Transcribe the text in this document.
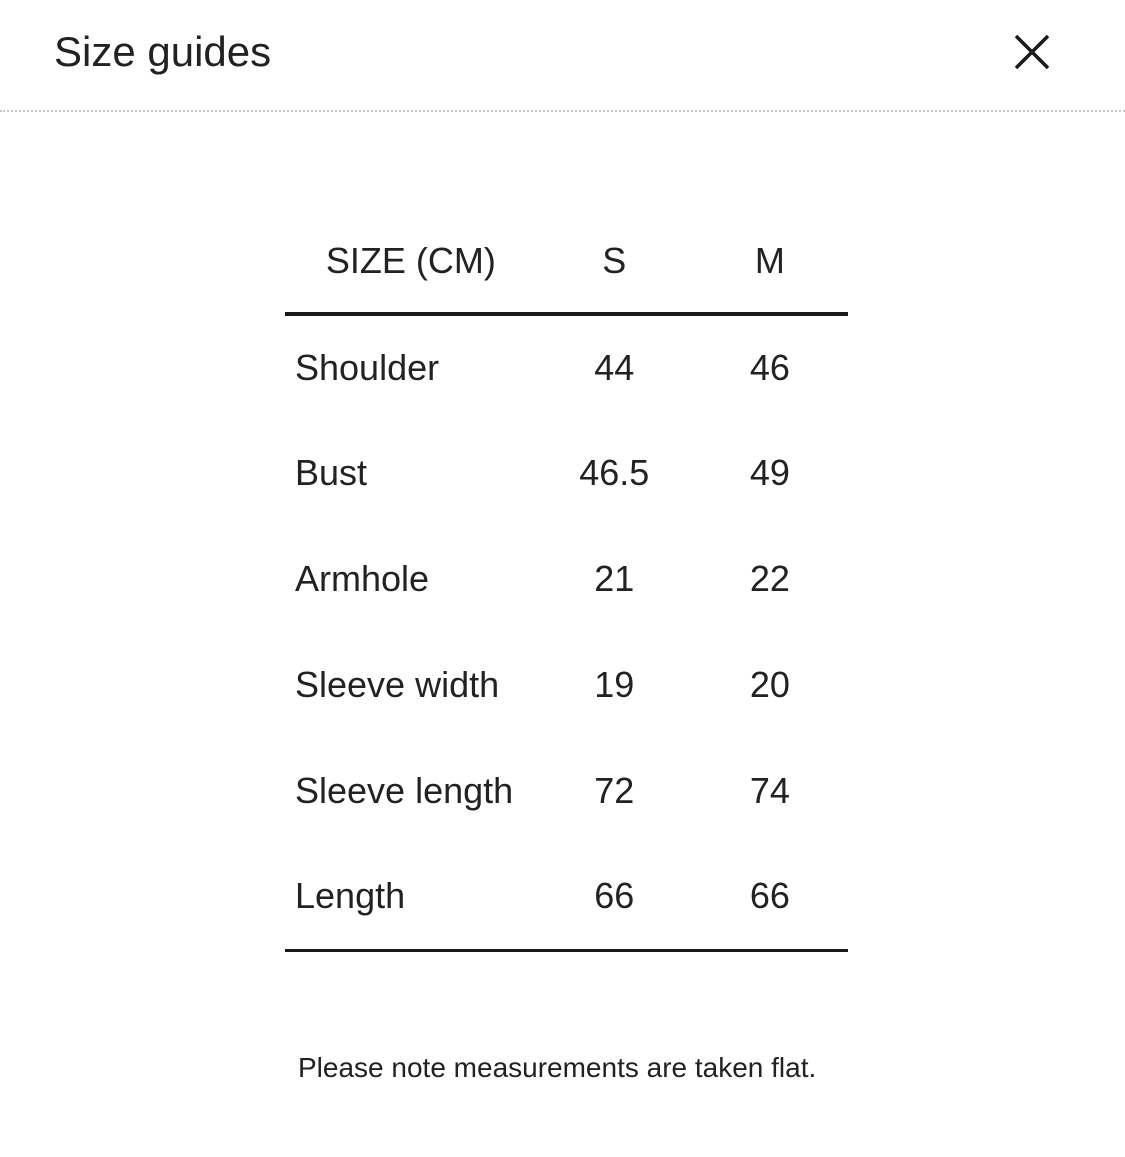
Size guides
SIZE (CM)	S	M
Shoulder	44	46
Bust	46.5	49
Armhole	21	22
Sleeve width	19	20
Sleeve length	72	74
Length	66	66

Please note measurements are taken flat.
